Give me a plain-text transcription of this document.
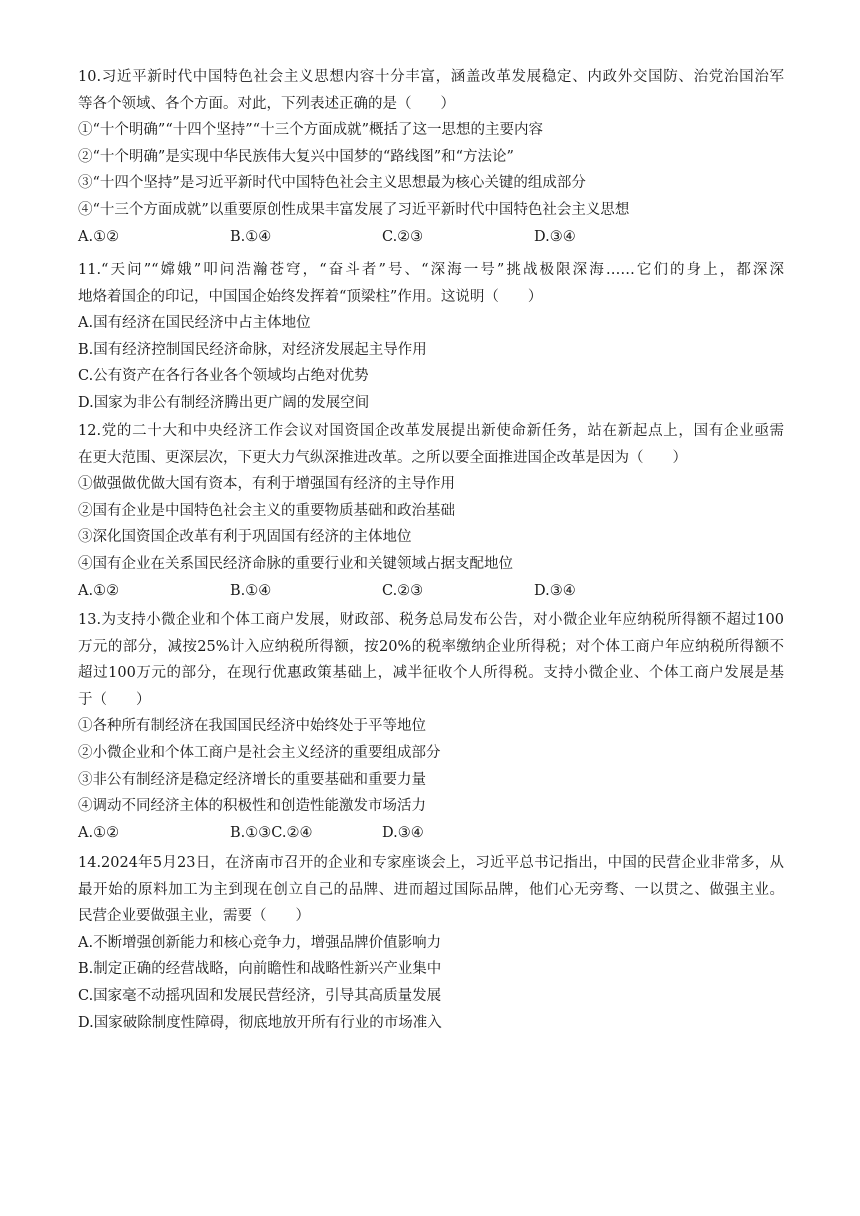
10.习近平新时代中国特色社会主义思想内容十分丰富，涵盖改革发展稳定、内政外交国防、治党治国治军
等各个领域、各个方面。对此，下列表述正确的是（　　）
①“十个明确”“十四个坚持”“十三个方面成就”概括了这一思想的主要内容
②“十个明确”是实现中华民族伟大复兴中国梦的“路线图”和“方法论”
③“十四个坚持”是习近平新时代中国特色社会主义思想最为核心关键的组成部分
④“十三个方面成就”以重要原创性成果丰富发展了习近平新时代中国特色社会主义思想
A.①②	B.①④	C.②③	D.③④
11.“天问”“嫦娥”叩问浩瀚苍穹，“奋斗者”号、“深海一号”挑战极限深海……它们的身上，都深深
地烙着国企的印记，中国国企始终发挥着“顶梁柱”作用。这说明（　　）
A.国有经济在国民经济中占主体地位
B.国有经济控制国民经济命脉，对经济发展起主导作用
C.公有资产在各行各业各个领域均占绝对优势
D.国家为非公有制经济腾出更广阔的发展空间
12.党的二十大和中央经济工作会议对国资国企改革发展提出新使命新任务，站在新起点上，国有企业亟需
在更大范围、更深层次，下更大力气纵深推进改革。之所以要全面推进国企改革是因为（　　）
①做强做优做大国有资本，有利于增强国有经济的主导作用
②国有企业是中国特色社会主义的重要物质基础和政治基础
③深化国资国企改革有利于巩固国有经济的主体地位
④国有企业在关系国民经济命脉的重要行业和关键领域占据支配地位
A.①②	B.①④	C.②③	D.③④
13.为支持小微企业和个体工商户发展，财政部、税务总局发布公告，对小微企业年应纳税所得额不超过100
万元的部分，减按25%计入应纳税所得额，按20%的税率缴纳企业所得税；对个体工商户年应纳税所得额不
超过100万元的部分，在现行优惠政策基础上，减半征收个人所得税。支持小微企业、个体工商户发展是基
于（　　）
①各种所有制经济在我国国民经济中始终处于平等地位
②小微企业和个体工商户是社会主义经济的重要组成部分
③非公有制经济是稳定经济增长的重要基础和重要力量
④调动不同经济主体的积极性和创造性能激发市场活力
A.①②	B.①③C.②④	D.③④
14.2024年5月23日，在济南市召开的企业和专家座谈会上，习近平总书记指出，中国的民营企业非常多，从
最开始的原料加工为主到现在创立自己的品牌、进而超过国际品牌，他们心无旁骛、一以贯之、做强主业。
民营企业要做强主业，需要（　　）
A.不断增强创新能力和核心竞争力，增强品牌价值影响力
B.制定正确的经营战略，向前瞻性和战略性新兴产业集中
C.国家毫不动摇巩固和发展民营经济，引导其高质量发展
D.国家破除制度性障碍，彻底地放开所有行业的市场准入
